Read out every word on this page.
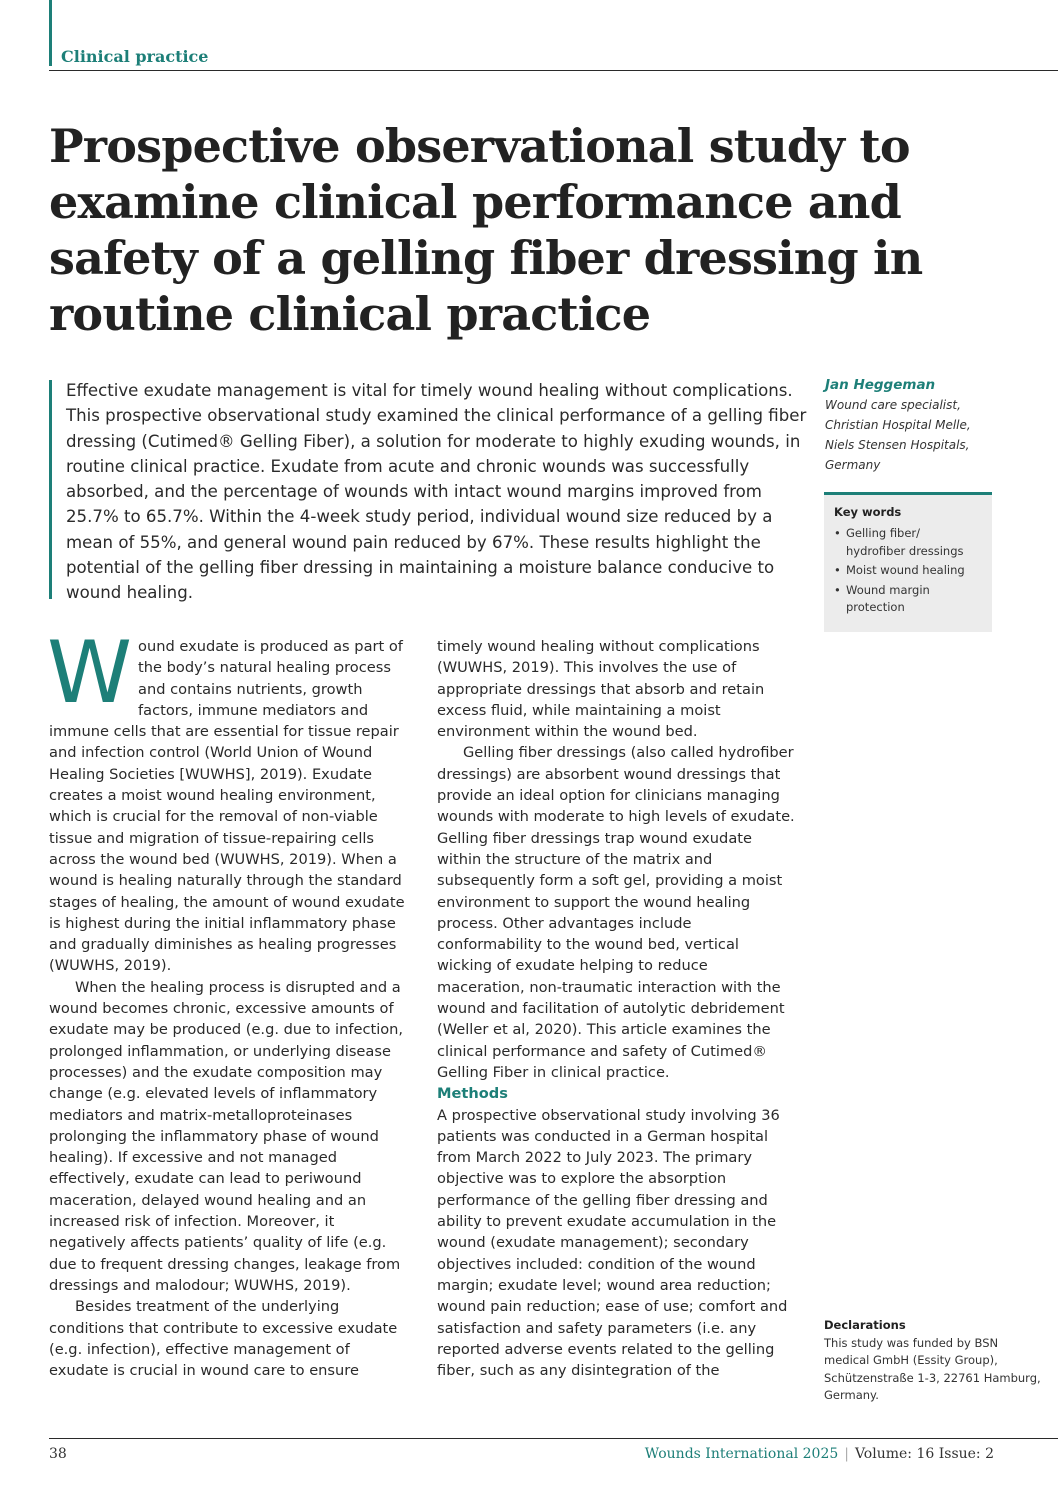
Clinical practice
Prospective observational study to examine clinical performance and safety of a gelling fiber dressing in routine clinical practice

Effective exudate management is vital for timely wound healing without complications. This prospective observational study examined the clinical performance of a gelling fiber dressing (Cutimed® Gelling Fiber), a solution for moderate to highly exuding wounds, in routine clinical practice. Exudate from acute and chronic wounds was successfully absorbed, and the percentage of wounds with intact wound margins improved from 25.7% to 65.7%. Within the 4-week study period, individual wound size reduced by a mean of 55%, and general wound pain reduced by 67%. These results highlight the potential of the gelling fiber dressing in maintaining a moisture balance conducive to wound healing.

Jan Heggeman
Wound care specialist,
Christian Hospital Melle,
Niels Stensen Hospitals,
Germany
Key words
• Gelling fiber/
hydrofiber dressings
• Moist wound healing
• Wound margin
protection

Wound exudate is produced as part of the body’s natural healing process and contains nutrients, growth factors, immune mediators and immune cells that are essential for tissue repair and infection control (World Union of Wound Healing Societies [WUWHS], 2019). Exudate creates a moist wound healing environment, which is crucial for the removal of non-viable tissue and migration of tissue-repairing cells across the wound bed (WUWHS, 2019). When a wound is healing naturally through the standard stages of healing, the amount of wound exudate is highest during the initial inflammatory phase and gradually diminishes as healing progresses (WUWHS, 2019).

When the healing process is disrupted and a wound becomes chronic, excessive amounts of exudate may be produced (e.g. due to infection, prolonged inflammation, or underlying disease processes) and the exudate composition may change (e.g. elevated levels of inflammatory mediators and matrix-metalloproteinases prolonging the inflammatory phase of wound healing). If excessive and not managed effectively, exudate can lead to periwound maceration, delayed wound healing and an increased risk of infection. Moreover, it negatively affects patients’ quality of life (e.g. due to frequent dressing changes, leakage from dressings and malodour; WUWHS, 2019).

Besides treatment of the underlying conditions that contribute to excessive exudate (e.g. infection), effective management of exudate is crucial in wound care to ensure

timely wound healing without complications (WUWHS, 2019). This involves the use of appropriate dressings that absorb and retain excess fluid, while maintaining a moist environment within the wound bed.

Gelling fiber dressings (also called hydrofiber dressings) are absorbent wound dressings that provide an ideal option for clinicians managing wounds with moderate to high levels of exudate. Gelling fiber dressings trap wound exudate within the structure of the matrix and subsequently form a soft gel, providing a moist environment to support the wound healing process. Other advantages include conformability to the wound bed, vertical wicking of exudate helping to reduce maceration, non-traumatic interaction with the wound and facilitation of autolytic debridement (Weller et al, 2020). This article examines the clinical performance and safety of Cutimed® Gelling Fiber in clinical practice.

Methods

A prospective observational study involving 36 patients was conducted in a German hospital from March 2022 to July 2023. The primary objective was to explore the absorption performance of the gelling fiber dressing and ability to prevent exudate accumulation in the wound (exudate management); secondary objectives included: condition of the wound margin; exudate level; wound area reduction; wound pain reduction; ease of use; comfort and satisfaction and safety parameters (i.e. any reported adverse events related to the gelling fiber, such as any disintegration of the

Declarations
This study was funded by BSN medical GmbH (Essity Group), Schützenstraße 1-3, 22761 Hamburg, Germany.
38	Wounds International 2025 | Volume: 16 Issue: 2
